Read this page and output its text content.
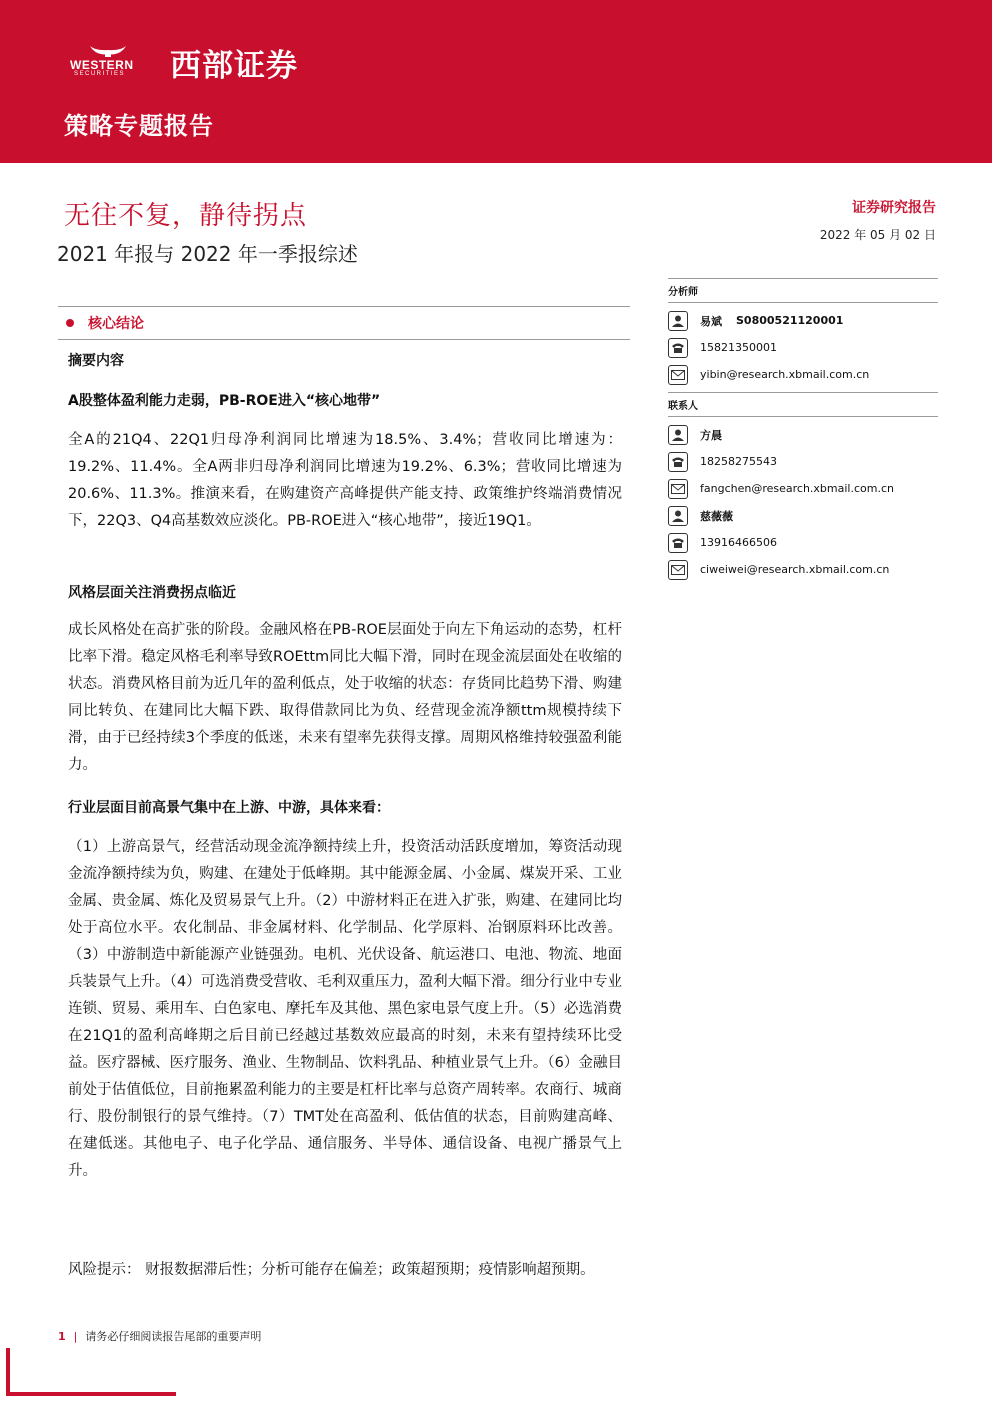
WESTERN
SECURITIES 西部证券
策略专题报告
无往不复，静待拐点
2021 年报与 2022 年一季报综述
证券研究报告
2022 年 05 月 02 日
核心结论
摘要内容
A股整体盈利能力走弱，PB-ROE进入“核心地带”
全A的21Q4、22Q1归母净利润同比增速为18.5%、3.4%；营收同比增速为：19.2%、11.4%。全A两非归母净利润同比增速为19.2%、6.3%；营收同比增速为20.6%、11.3%。推演来看，在购建资产高峰提供产能支持、政策维护终端消费情况下，22Q3、Q4高基数效应淡化。PB-ROE进入“核心地带”，接近19Q1。
风格层面关注消费拐点临近
成长风格处在高扩张的阶段。金融风格在PB-ROE层面处于向左下角运动的态势，杠杆比率下滑。稳定风格毛利率导致ROEttm同比大幅下滑，同时在现金流层面处在收缩的状态。消费风格目前为近几年的盈利低点，处于收缩的状态：存货同比趋势下滑、购建同比转负、在建同比大幅下跌、取得借款同比为负、经营现金流净额ttm规模持续下滑，由于已经持续3个季度的低迷，未来有望率先获得支撑。周期风格维持较强盈利能力。
行业层面目前高景气集中在上游、中游，具体来看：
（1）上游高景气，经营活动现金流净额持续上升，投资活动活跃度增加，筹资活动现金流净额持续为负，购建、在建处于低峰期。其中能源金属、小金属、煤炭开采、工业金属、贵金属、炼化及贸易景气上升。（2）中游材料正在进入扩张，购建、在建同比均处于高位水平。农化制品、非金属材料、化学制品、化学原料、冶钢原料环比改善。（3）中游制造中新能源产业链强劲。电机、光伏设备、航运港口、电池、物流、地面兵装景气上升。（4）可选消费受营收、毛利双重压力，盈利大幅下滑。细分行业中专业连锁、贸易、乘用车、白色家电、摩托车及其他、黑色家电景气度上升。（5）必选消费在21Q1的盈利高峰期之后目前已经越过基数效应最高的时刻，未来有望持续环比受益。医疗器械、医疗服务、渔业、生物制品、饮料乳品、种植业景气上升。（6）金融目前处于估值低位，目前拖累盈利能力的主要是杠杆比率与总资产周转率。农商行、城商行、股份制银行的景气维持。（7）TMT处在高盈利、低估值的状态，目前购建高峰、在建低迷。其他电子、电子化学品、通信服务、半导体、通信设备、电视广播景气上升。
风险提示： 财报数据滞后性；分析可能存在偏差；政策超预期；疫情影响超预期。
分析师
易斌 S0800521120001
15821350001
yibin@research.xbmail.com.cn
联系人
方晨
18258275543
fangchen@research.xbmail.com.cn
慈薇薇
13916466506
ciweiwei@research.xbmail.com.cn
1 | 请务必仔细阅读报告尾部的重要声明
